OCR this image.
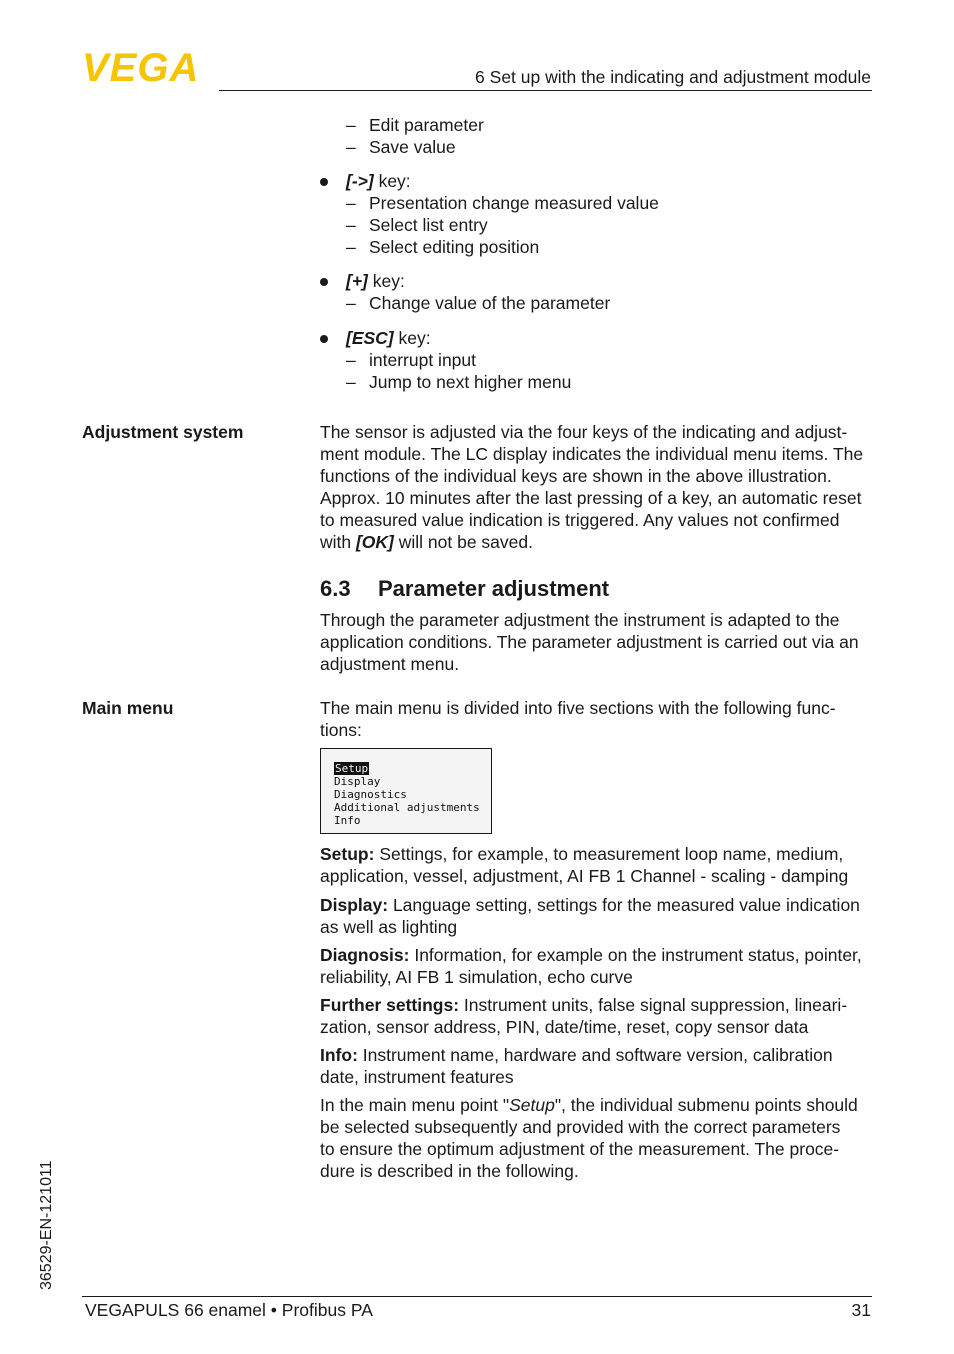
VEGA	6 Set up with the indicating and adjustment module
– Edit parameter
– Save value
[->] key:
– Presentation change measured value
– Select list entry
– Select editing position
[+] key:
– Change value of the parameter
[ESC] key:
– interrupt input
– Jump to next higher menu
Adjustment system	The sensor is adjusted via the four keys of the indicating and adjust-

ment module. The LC display indicates the individual menu items. The

functions of the individual keys are shown in the above illustration.

Approx. 10 minutes after the last pressing of a key, an automatic reset

to measured value indication is triggered. Any values not confirmed

with [OK] will not be saved.

6.3 Parameter adjustment

Through the parameter adjustment the instrument is adapted to the

application conditions. The parameter adjustment is carried out via an

adjustment menu.

Main menu	The main menu is divided into five sections with the following func-

tions:

Setup
Display
Diagnostics
Additional adjustments
Info

Setup: Settings, for example, to measurement loop name, medium,

application, vessel, adjustment, AI FB 1 Channel - scaling - damping

Display: Language setting, settings for the measured value indication

as well as lighting

Diagnosis: Information, for example on the instrument status, pointer,

reliability, AI FB 1 simulation, echo curve

Further settings: Instrument units, false signal suppression, lineari-

zation, sensor address, PIN, date/time, reset, copy sensor data

Info: Instrument name, hardware and software version, calibration

date, instrument features

In the main menu point "Setup", the individual submenu points should

be selected subsequently and provided with the correct parameters

to ensure the optimum adjustment of the measurement. The proce-

dure is described in the following.

36529-EN-121011
VEGAPULS 66 enamel • Profibus PA	31
